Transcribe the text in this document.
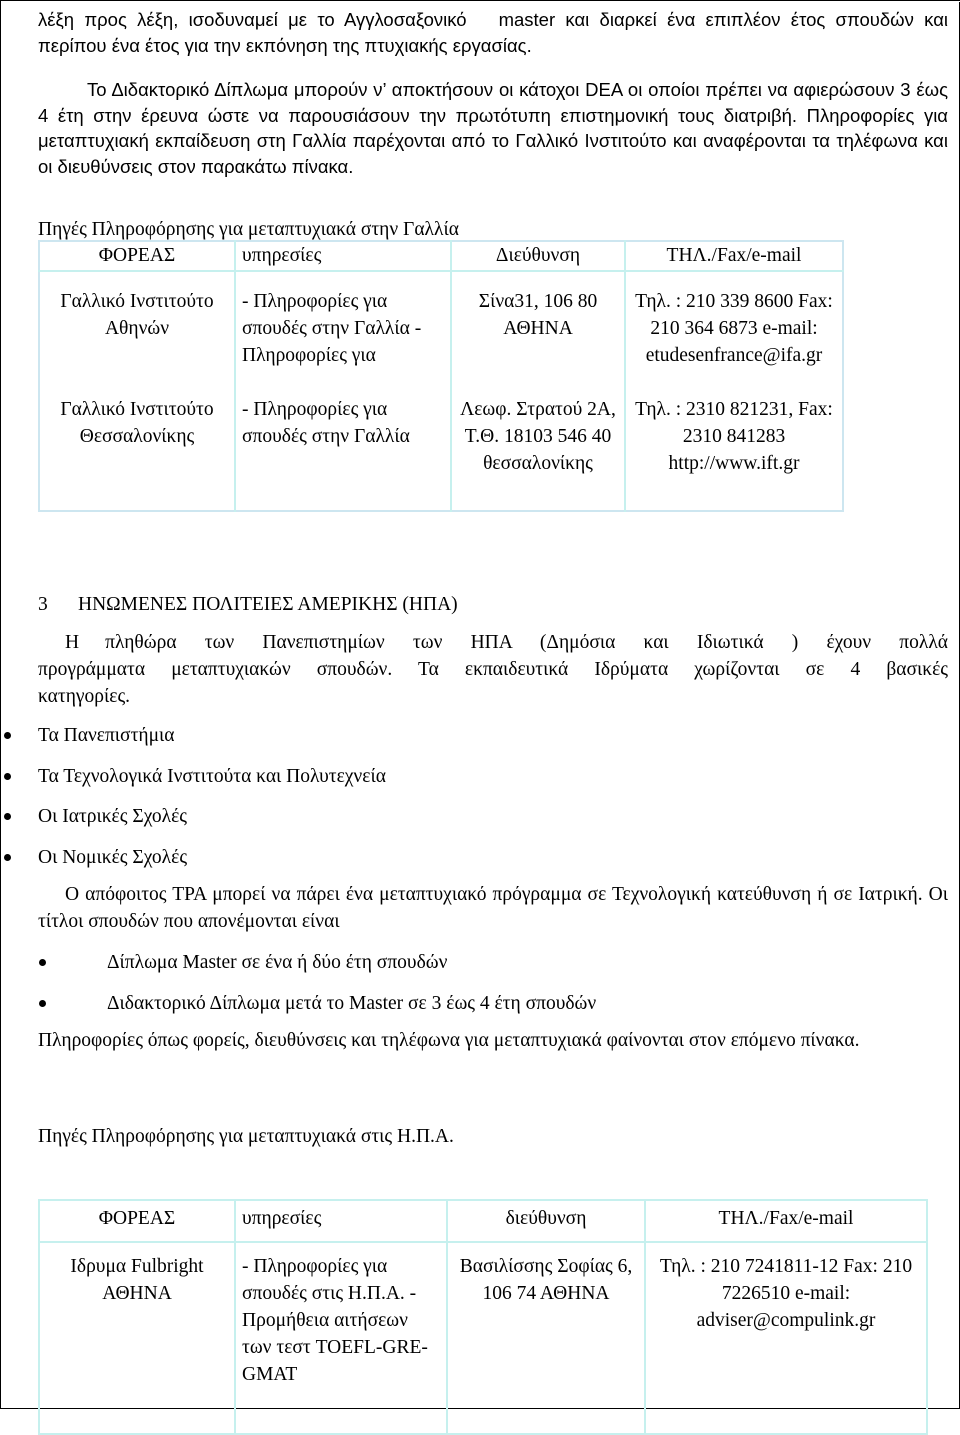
λέξη προς λέξη, ισοδυναμεί με το Αγγλοσαξονικό master και διαρκεί ένα επιπλέον έτος σπουδών και περίπου ένα έτος για την εκπόνηση της πτυχιακής εργασίας.

Το Διδακτορικό Δίπλωμα μπορούν ν’ αποκτήσουν οι κάτοχοι DEA οι οποίοι πρέπει να αφιερώσουν 3 έως 4 έτη στην έρευνα ώστε να παρουσιάσουν την πρωτότυπη επιστημονική τους διατριβή. Πληροφορίες για μεταπτυχιακή εκπαίδευση στη Γαλλία παρέχονται από το Γαλλικό Ινστιτούτο και αναφέρονται τα τηλέφωνα και οι διευθύνσεις στον παρακάτω πίνακα.

Πηγές Πληροφόρησης για μεταπτυχιακά στην Γαλλία
ΦΟΡΕΑΣ	υπηρεσίες	Διεύθυνση	ΤΗΛ./Fax/e-mail

Γαλλικό Ινστιτούτο Αθηνών	- Πληροφορίες για σπουδές στην Γαλλία - Πληροφορίες για	Σίνα31, 106 80 ΑΘΗΝΑ	Τηλ. : 210 339 8600 Fax: 210 364 6873 e-mail: etudesenfrance@ifa.gr
Γαλλικό Ινστιτούτο Θεσσαλονίκης	- Πληροφορίες για σπουδές στην Γαλλία	Λεωφ. Στρατού 2Α, Τ.Θ. 18103 546 40 θεσσαλονίκης	Τηλ. : 2310 821231, Fax: 2310 841283 http://www.ift.gr
3 ΗΝΩΜΕΝΕΣ ΠΟΛΙΤΕΙΕΣ ΑΜΕΡΙΚΗΣ (ΗΠΑ)
Η πληθώρα των Πανεπιστημίων των ΗΠΑ (Δημόσια και Ιδιωτικά ) έχουν πολλά προγράμματα μεταπτυχιακών σπουδών. Τα εκπαιδευτικά Ιδρύματα χωρίζονται σε 4 βασικές κατηγορίες.
Τα Πανεπιστήμια
Τα Τεχνολογικά Ινστιτούτα και Πολυτεχνεία
Οι Ιατρικές Σχολές
Οι Νομικές Σχολές
Ο απόφοιτος ΤΡΑ μπορεί να πάρει ένα μεταπτυχιακό πρόγραμμα σε Τεχνολογική κατεύθυνση ή σε Ιατρική. Οι τίτλοι σπουδών που απονέμονται είναι
Δίπλωμα Master σε ένα ή δύο έτη σπουδών
Διδακτορικό Δίπλωμα μετά το Master σε 3 έως 4 έτη σπουδών
Πληροφορίες όπως φορείς, διευθύνσεις και τηλέφωνα για μεταπτυχιακά φαίνονται στον επόμενο πίνακα.
Πηγές Πληροφόρησης για μεταπτυχιακά στις Η.Π.Α.
ΦΟΡΕΑΣ	υπηρεσίες	διεύθυνση	ΤΗΛ./Fax/e-mail
Ιδρυμα Fulbright ΑΘΗΝΑ	- Πληροφορίες για σπουδές στις Η.Π.Α. - Προμήθεια αιτήσεων των τεστ TOEFL-GRE-GMAT	Βασιλίσσης Σοφίας 6, 106 74 ΑΘΗΝΑ	Τηλ. : 210 7241811-12 Fax: 210 7226510 e-mail: adviser@compulink.gr
